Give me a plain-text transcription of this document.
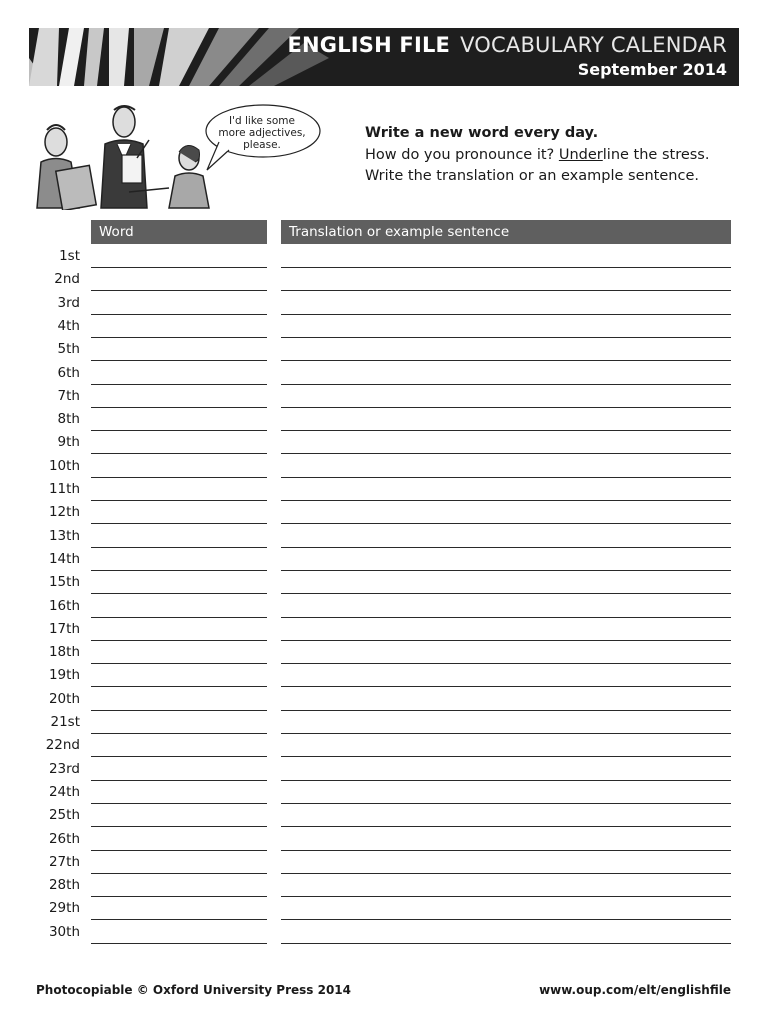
ENGLISH FILE VOCABULARY CALENDAR
September 2014
I'd like some
more adjectives,
please.
Write a new word every day.
How do you pronounce it? Underline the stress.
Write the translation or an example sentence.
Word	Translation or example sentence
1st
2nd
3rd
4th
5th
6th
7th
8th
9th
10th
11th
12th
13th
14th
15th
16th
17th
18th
19th
20th
21st
22nd
23rd
24th
25th
26th
27th
28th
29th
30th
Photocopiable © Oxford University Press 2014	www.oup.com/elt/englishfile
